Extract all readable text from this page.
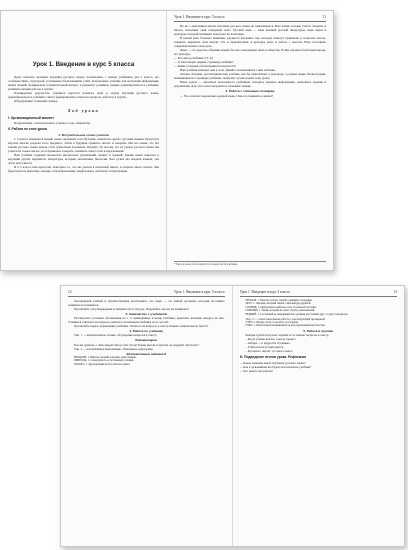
Урок 1. Введение в курс 5 класса

Цели: показать значение изучения русского языка; познакомить с новым учебником для 5 класса, его особенностями, структурой, условными обозначениями; учить использовать учебник для получения информации, новых знаний; формировать познавательный интерес к предмету; развивать умение ориентироваться в учебнике; развивать навыки работы в группе.

Планируемые результаты: учащиеся научатся называть цели и задачи изучения русского языка, ориентироваться в учебнике; смогут формулировать ответы на вопросы, работать в группе.

Оборудование: толковый словарь.

Ход урока
I. Организационный момент

Поздравление с началом нового учебного года, знакомство.

II. Работа по теме урока
1. Вступительное слово учителя

С 5 класса начинается новый, очень серьёзный этап обучения, знакомства детей с русским языком. Предстоит изучить многие разделы этого предмета, чтобы в будущем грамотно писать и говорить. Мы все знаем, что без знания русского языка нельзя стать грамотным человеком. Почему? Да потому, что на уроках русского языка мы учимся не только писать, но и правильно говорить, понимать смысл слов и предложений.

Наш учебник содержит множество интересных упражнений, правил и заданий. Знание языка помогает в изучении других предметов: литературы, истории, математики, биологии. Чем лучше мы владеем языком, тем легче нам учиться.

И в 5 классе нам предстоит повторить то, что мы узнали в начальной школе, и открыть много нового. Мы будем изучать фонетику, лексику, словообразование, морфологию, синтаксис и пунктуацию.

Урок 1. Введение в курс 5 класса	11

Но не с окончанием школы изучение русского языка не заканчивается. Всю жизнь человек учится говорить и писать, пополняет свой словарный запас. Русский язык — язык великой русской литературы, язык науки и культуры, который понимают и изучают во всём мире.

В нашей речи большое внимание уделяется изучению тем, которые помогут правильно и грамотно писать, говорить, выражать свои мысли. Это и правописание, и культура речи, и работа с текстом. Надо постоянно совершенствовать свою речь.

Язык — это средство общения людей, без него невозможно жить в обществе. В нём отражается история народа, его культура.

— Кто автор учебника? (Т. Л.)

— О чём говорят первые страницы учебника?

— Какие условные обозначения используются?

Наш учебник поможет нам в этом. Давайте познакомимся с ним поближе.

Авторы обложки, рассматривая наш учебник, как бы приглашают к разговору о родном языке. Иллюстрации, помещённые на страницах учебника, помогают лучше понять тему урока.

Наша задача — научиться пользоваться учебником, находить нужную информацию, выполнять задания и упражнения. Для этого нам понадобится толковый словарь.

2. Работа с толковым словарём

— Что означает выражение «родной язык»? Как его понимать в жизни?

* Здесь и далее работа ведётся по первой части учебника.
12	Урок 1. Введение в курс 5 класса

Легендарный учёный и путешественник рассказывал, что язык — это живой организм, который постоянно развивается и меняется.

Прочитайте эти утверждения и запишите их в тетрадь. Подумайте, как вы их понимаете.

3. Знакомство с учебником

Рассмотрите условные обозначения на с. 3, приведённые в конце учебника, выясните значение каждого из них. Учащиеся отвечают на вопросы учителя о назначении учебника и его частей.

Прочитайте первое упражнение учебника. Ответьте на вопросы к тексту. Какова главная мысль текста?

4. Работа по учебнику

Упр. 1 — выразительное чтение, обсуждение вопросов к тексту.

Комментарии

Как вы думаете, о чём говорит автор этих строк? Какие мысли и чувства он передаёт читателю?

Упр. 2 — коллективное выполнение, объяснение орфограмм.

Коллективные задания II

МЕЩАНЕ. 1. Житель, мелкий торговец, ремесленник.

ПРИРОДА. 1. Совокупность естественных условий.

ЗОЛОТО. 1. Драгоценный металл жёлтого цвета.

Урок 1. Введение в курс 5 класса	13

ПЕЧАЛЬ. 1. Чувство грусти, скорби; душевное страдание.

ДРУГ. 1. Человек, который связан с кем-нибудь дружбой.

СОЛНЦЕ. 1. Центральное небесное тело Солнечной системы.

СМЕЛЫЙ. 1. Такой, который не знает страха, решительный.

РЕДКИЙ. 1. Состоящий из находящихся на далёком расстоянии друг от друга предметов.

Упр. 3 — самостоятельная работа с последующей проверкой.

УТРО. 1. Время суток от рассвета до полудня.

ГОРА. 1. Значительная возвышенность над окружающей местностью.

5. Работа в группах

Каждая группа получает задание и составляет вопросы к тексту.

– Когда учение красно, а когда горько?
– Азбука — к мудрости ступенька.
– Учиться всегда пригодится.
– Кто много читает, тот много знает.
III. Подведение итогов урока. Рефлексия

— Какое значение имеет изучение русского языка?

— Как в дальнейшем вы будете использовать учебник?

— Что нового вы узнали?
